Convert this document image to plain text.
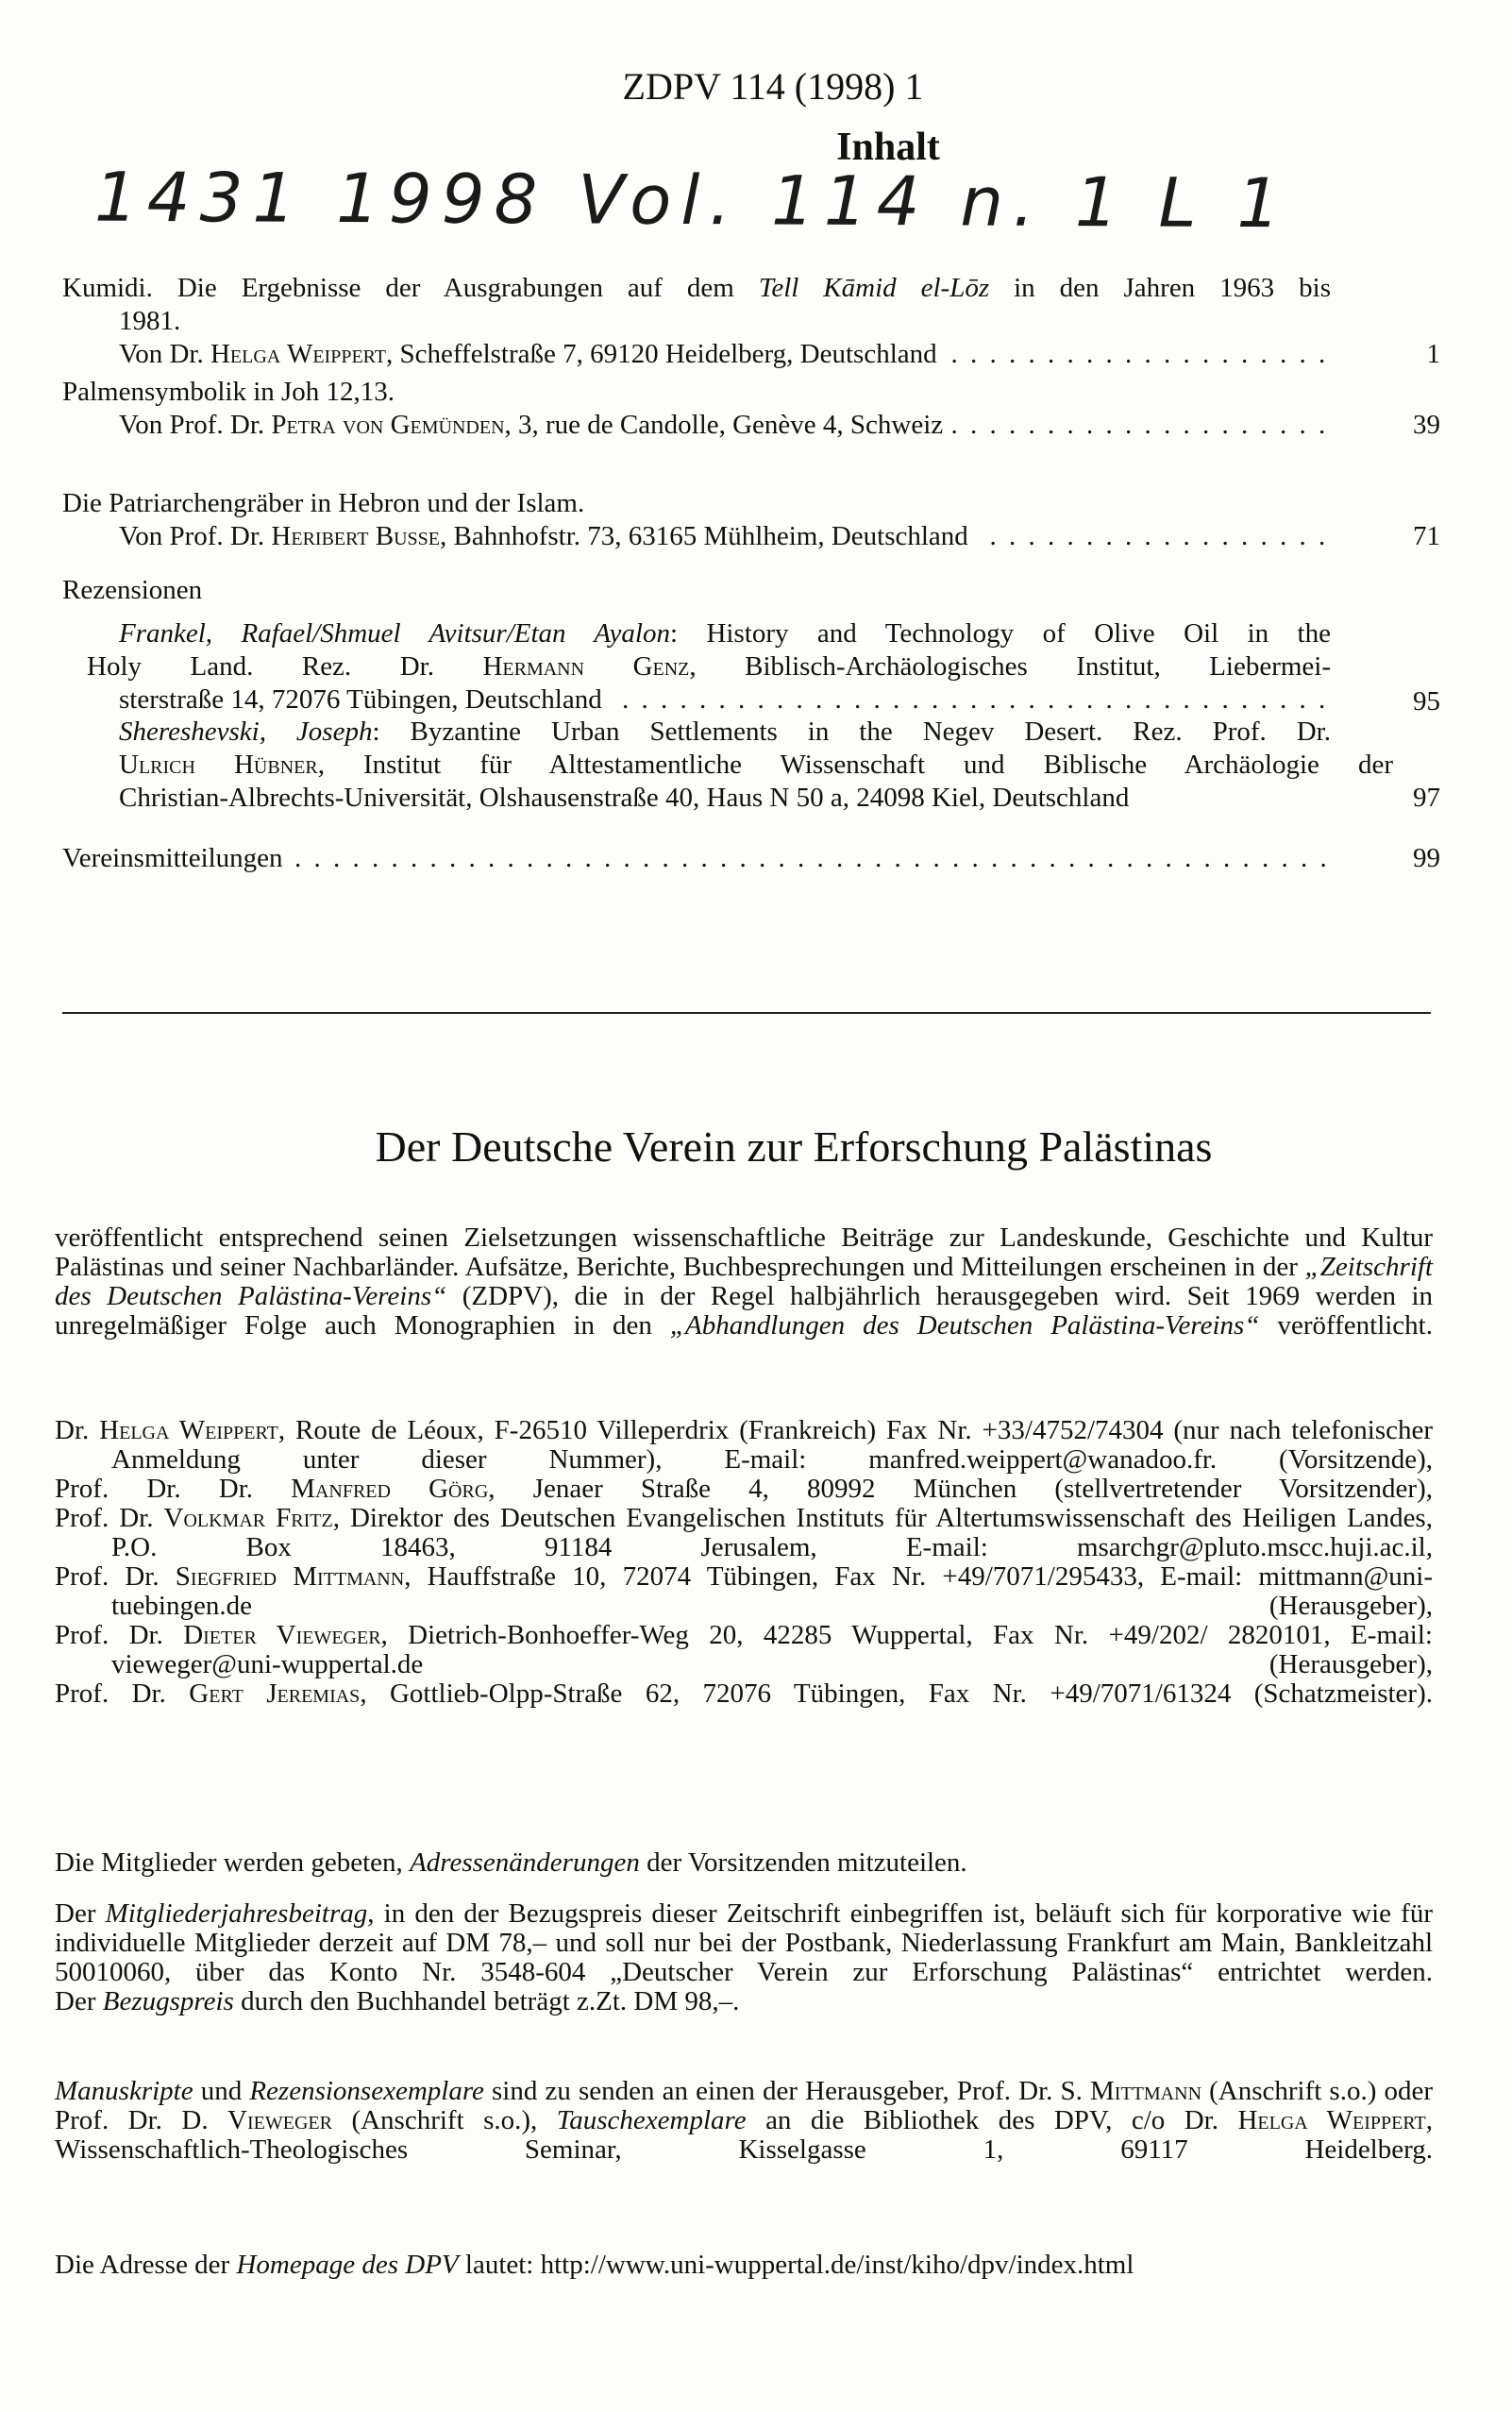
ZDPV 114 (1998) 1
Inhalt
1431 1998 Vol. 114 n. 1 L 1
Kumidi. Die Ergebnisse der Ausgrabungen auf dem Tell Kāmid el-Lōz in den Jahren 1963 bis
1981.
Von Dr. Helga Weippert, Scheffelstraße 7, 69120 Heidelberg, Deutschland . . .	1
Palmensymbolik in Joh 12,13.
Von Prof. Dr. Petra von Gemünden, 3, rue de Candolle, Genève 4, Schweiz . . .	39
Die Patriarchengräber in Hebron und der Islam.
Von Prof. Dr. Heribert Busse, Bahnhofstr. 73, 63165 Mühlheim, Deutschland . . .	71
Rezensionen
Frankel, Rafael/Shmuel Avitsur/Etan Ayalon: History and Technology of Olive Oil in the
Holy Land. Rez. Dr. Hermann Genz, Biblisch-Archäologisches Institut, Liebermei-
sterstraße 14, 72076 Tübingen, Deutschland . . .	95
Shereshevski, Joseph: Byzantine Urban Settlements in the Negev Desert. Rez. Prof. Dr.
Ulrich Hübner, Institut für Alttestamentliche Wissenschaft und Biblische Archäologie der
Christian-Albrechts-Universität, Olshausenstraße 40, Haus N 50 a, 24098 Kiel, Deutschland	97
Vereinsmitteilungen . . .	99
Der Deutsche Verein zur Erforschung Palästinas

veröffentlicht entsprechend seinen Zielsetzungen wissenschaftliche Beiträge zur Landeskunde, Geschichte und Kultur Palästinas und seiner Nachbarländer. Aufsätze, Berichte, Buchbesprechungen und Mitteilungen erscheinen in der „Zeitschrift des Deutschen Palästina-Vereins“ (ZDPV), die in der Regel halbjährlich herausgegeben wird. Seit 1969 werden in unregelmäßiger Folge auch Monographien in den „Abhandlungen des Deutschen Palästina-Vereins“ veröffentlicht.

Dr. Helga Weippert, Route de Léoux, F-26510 Villeperdrix (Frankreich) Fax Nr. +33/4752/74304 (nur nach telefonischer Anmeldung unter dieser Nummer), E-mail: manfred.weippert@wanadoo.fr. (Vorsitzende),

Prof. Dr. Dr. Manfred Görg, Jenaer Straße 4, 80992 München (stellvertretender Vorsitzender),

Prof. Dr. Volkmar Fritz, Direktor des Deutschen Evangelischen Instituts für Altertumswissenschaft des Heiligen Landes, P.O. Box 18463, 91184 Jerusalem, E-mail: msarchgr@pluto.mscc.huji.ac.il,

Prof. Dr. Siegfried Mittmann, Hauffstraße 10, 72074 Tübingen, Fax Nr. +49/7071/295433, E-mail: mittmann@uni-tuebingen.de (Herausgeber),

Prof. Dr. Dieter Vieweger, Dietrich-Bonhoeffer-Weg 20, 42285 Wuppertal, Fax Nr. +49/202/ 2820101, E-mail: vieweger@uni-wuppertal.de (Herausgeber),

Prof. Dr. Gert Jeremias, Gottlieb-Olpp-Straße 62, 72076 Tübingen, Fax Nr. +49/7071/61324 (Schatzmeister).

Die Mitglieder werden gebeten, Adressenänderungen der Vorsitzenden mitzuteilen.

Der Mitgliederjahresbeitrag, in den der Bezugspreis dieser Zeitschrift einbegriffen ist, beläuft sich für korporative wie für individuelle Mitglieder derzeit auf DM 78,– und soll nur bei der Postbank, Niederlassung Frankfurt am Main, Bankleitzahl 50010060, über das Konto Nr. 3548-604 „Deutscher Verein zur Erforschung Palästinas“ entrichtet werden.

Der Bezugspreis durch den Buchhandel beträgt z.Zt. DM 98,–.

Manuskripte und Rezensionsexemplare sind zu senden an einen der Herausgeber, Prof. Dr. S. Mittmann (Anschrift s.o.) oder Prof. Dr. D. Vieweger (Anschrift s.o.), Tauschexemplare an die Bibliothek des DPV, c/o Dr. Helga Weippert, Wissenschaftlich-Theologisches Seminar, Kisselgasse 1, 69117 Heidelberg.

Die Adresse der Homepage des DPV lautet: http://www.uni-wuppertal.de/inst/kiho/dpv/index.html
